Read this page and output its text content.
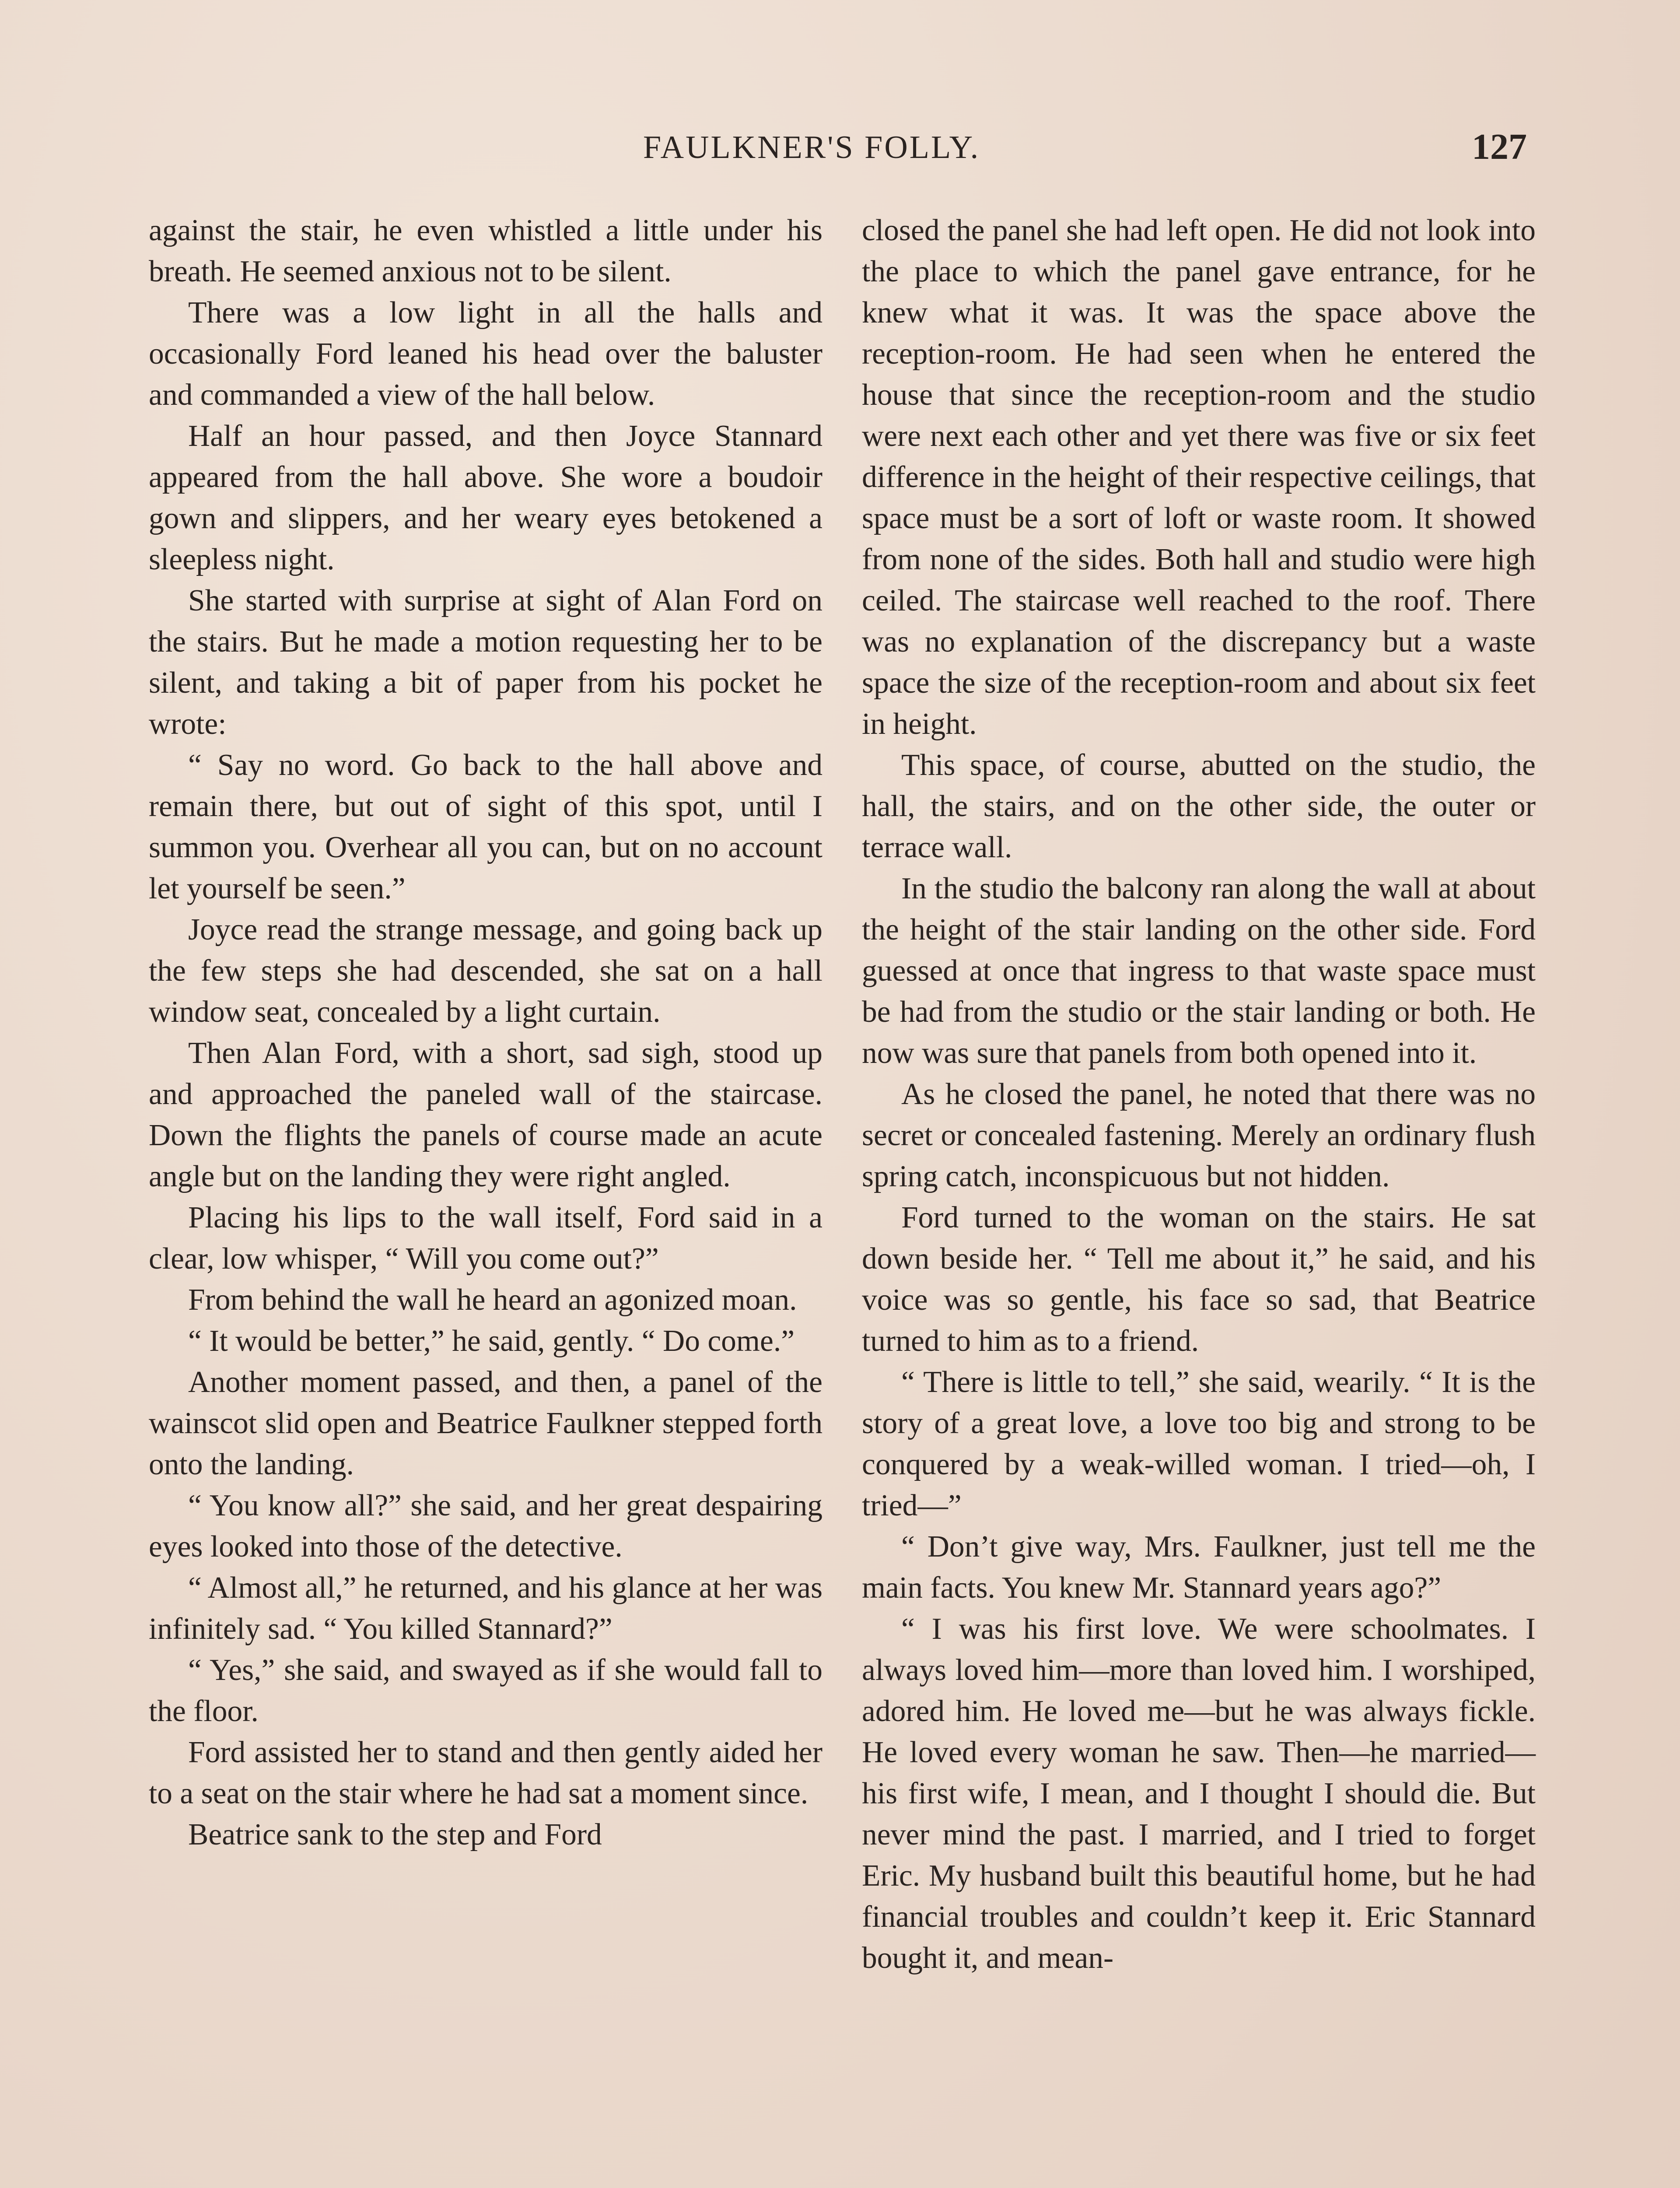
FAULKNER'S FOLLY.	127

against the stair, he even whistled a little under his breath. He seemed anxious not to be silent.

There was a low light in all the halls and occasionally Ford leaned his head over the baluster and commanded a view of the hall below.

Half an hour passed, and then Joyce Stannard appeared from the hall above. She wore a boudoir gown and slippers, and her weary eyes betokened a sleepless night.

She started with surprise at sight of Alan Ford on the stairs. But he made a motion requesting her to be silent, and taking a bit of paper from his pocket he wrote:

“ Say no word. Go back to the hall above and remain there, but out of sight of this spot, until I summon you. Overhear all you can, but on no account let yourself be seen.”

Joyce read the strange message, and going back up the few steps she had descended, she sat on a hall window seat, concealed by a light curtain.

Then Alan Ford, with a short, sad sigh, stood up and approached the paneled wall of the staircase. Down the flights the panels of course made an acute angle but on the landing they were right angled.

Placing his lips to the wall itself, Ford said in a clear, low whisper, “ Will you come out?”

From behind the wall he heard an agonized moan.

“ It would be better,” he said, gently. “ Do come.”

Another moment passed, and then, a panel of the wainscot slid open and Beatrice Faulkner stepped forth onto the landing.

“ You know all?” she said, and her great despairing eyes looked into those of the detective.

“ Almost all,” he returned, and his glance at her was infinitely sad. “ You killed Stannard?”

“ Yes,” she said, and swayed as if she would fall to the floor.

Ford assisted her to stand and then gently aided her to a seat on the stair where he had sat a moment since.

Beatrice sank to the step and Ford

closed the panel she had left open. He did not look into the place to which the panel gave entrance, for he knew what it was. It was the space above the reception-room. He had seen when he entered the house that since the reception-room and the studio were next each other and yet there was five or six feet difference in the height of their respective ceilings, that space must be a sort of loft or waste room. It showed from none of the sides. Both hall and studio were high ceiled. The staircase well reached to the roof. There was no explanation of the discrepancy but a waste space the size of the reception-room and about six feet in height.

This space, of course, abutted on the studio, the hall, the stairs, and on the other side, the outer or terrace wall.

In the studio the balcony ran along the wall at about the height of the stair landing on the other side. Ford guessed at once that ingress to that waste space must be had from the studio or the stair landing or both. He now was sure that panels from both opened into it.

As he closed the panel, he noted that there was no secret or concealed fastening. Merely an ordinary flush spring catch, inconspicuous but not hidden.

Ford turned to the woman on the stairs. He sat down beside her. “ Tell me about it,” he said, and his voice was so gentle, his face so sad, that Beatrice turned to him as to a friend.

“ There is little to tell,” she said, wearily. “ It is the story of a great love, a love too big and strong to be conquered by a weak-willed woman. I tried—oh, I tried—”

“ Don’t give way, Mrs. Faulkner, just tell me the main facts. You knew Mr. Stannard years ago?”

“ I was his first love. We were schoolmates. I always loved him—more than loved him. I worshiped, adored him. He loved me—but he was always fickle. He loved every woman he saw. Then—he married—his first wife, I mean, and I thought I should die. But never mind the past. I married, and I tried to forget Eric. My husband built this beautiful home, but he had financial troubles and couldn’t keep it. Eric Stannard bought it, and mean-
